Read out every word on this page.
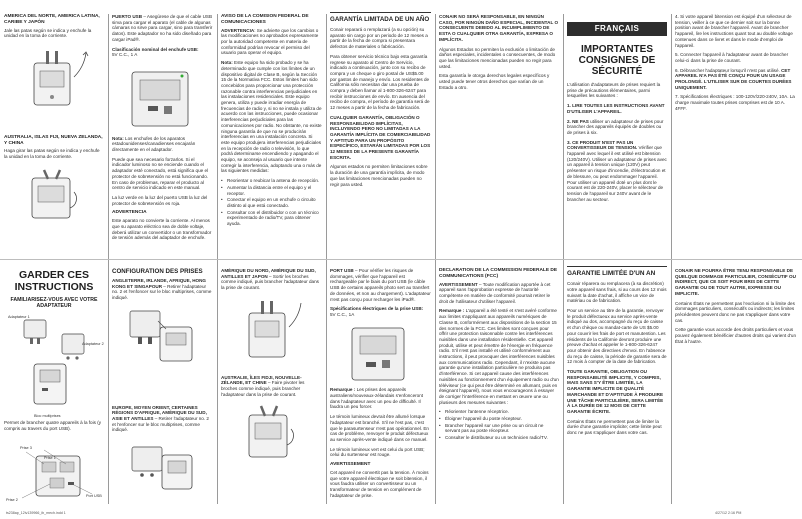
AMÉRICA DEL NORTE, AMÉRICA LATINA, CARIBE Y JAPÓN

Jale las patas según se indica y enchufe la unidad en la toma de corriente.

AUSTRALIA, ISLAS FIJI, NUEVA ZELANDA, Y CHINA

Haga girar las patas según se indica y enchufe la unidad en la toma de corriente.

PUERTO USB – Asegúrese de que el cable USB sirva para cargar el aparato (el cable de algunas cámaras no sirve para cargar, sino para transferir datos). Este adaptador no ha sido diseñado para cargar iPad®.

Clasificación nominal del enchufe USB:
5V C.C., 1 A

Nota: Los enchufes de los aparatos estadounidenses/canadienses encajarán directamente en el adaptador.

Puede que sea necesario forzarlos. Si el indicador luminoso no se enciende cuando el adaptador esté conectado, está significa que el protector de sobretensión no está funcionando. En caso de problemas, reparar el producto al centro de servicio indicado en este manual.

La luz verde en la luz del puerto USB la luz del protector de sobretensión es roja.

ADVERTENCIA

Este aparato no convierte la corriente. Al menos que su aparato eléctrico sea de doble voltaje, deberá utilizar un convertidor o un transformador de tensión además del adaptador de enchufe.

AVISO DE LA COMISIÓN FEDERAL DE COMUNICACIONES

ADVERTENCIA: Se advierte que los cambios o las modificaciones no aprobados expresamente por la autoridad competente en materia de conformidad podrían revocar el permiso del usuario para operar el equipo.

Nota: Este equipo ha sido probado y se ha determinado que cumple con los límites de un dispositivo digital de Clase B, según la Sección 15 de la Normativa FCC. Estos límites han sido concebidos para proporcionar una protección razonable contra interferencias perjudiciales en las instalaciones residenciales. Este equipo genera, utiliza y puede irradiar energía de frecuencias de radio y, si no se instala y utiliza de acuerdo con las instrucciones, puede ocasionar interferencias perjudiciales para las comunicaciones por radio. No obstante, no existe ninguna garantía de que no se producirán interferencias en una instalación concreta. Si este equipo produjera interferencias perjudiciales en la recepción de radio o televisión, lo que podrá determinarse encendiendo y apagando el equipo, se aconseja al usuario que intente corregir la interferencia, adoptando una o más de las siguientes medidas:

• Reorientar o reubicar la antena de recepción.
• Aumentar la distancia entre el equipo y el receptor.
• Conectar el equipo en un enchufe o circuito distinto al que está conectado.
• Consultar con el distribuidor o con un técnico experimentado de radio/TV, para obtener ayuda.
GARANTÍA LIMITADA DE UN AÑO

Conair reparará o remplazará (a su opción) su aparato sin cargo por un periodo de 12 meses a partir de la fecha de compra si presentara defectos de materiales o fabricación.

Para obtener servicio técnico bajo esta garantía regrese su aparato al Centro de Servicio, indicado a continuación, junto con su recibo de compra y un cheque o giro postal de US$5.00 por gastos de manejo y envío. Los residentes de California sólo necesitan dar una prueba de compra y deben llamar al 1-800-326-6247 para recibir instrucciones de envío. En ausencia del recibo de compra, el período de garantía será de 12 meses a partir de la fecha de fabricación.

CUALQUIER GARANTÍA, OBLIGACIÓN O RESPONSABILIDAD IMPLÍCITAS, INCLUYENDO PERO NO LIMITADAS A LA GARANTÍA IMPLÍCITA DE COMERCIABILIDAD Y APTITUD PARA UN PROPÓSITO ESPECÍFICO, ESTARÁN LIMITADAS POR LOS 12 MESES DE LA PRESENTE GARANTÍA ESCRITA.

Algunos estados no permiten limitaciones sobre la duración de una garantía implícita, de modo que las limitaciones mencionadas pueden no regir para usted.

CONAIR NO SERÁ RESPONSABLE, EN NINGÚN CASO, POR NINGÚN DAÑO ESPECIAL, INCIDENTAL O CONSECUENTE DEBIDO AL INCUMPLIMIENTO DE ESTA O CUALQUIER OTRA GARANTÍA, EXPRESA O IMPLÍCITA.

Algunos Estados no permiten la exclusión o limitación de daños especiales, incidentales o consecuentes, de modo que las limitaciones mencionadas pueden no regir para usted.

Esta garantía le otorga derechos legales específicos y usted puede tener otros derechos que varían de un Estado a otro.

FRANÇAIS
IMPORTANTES CONSIGNES DE SÉCURITÉ

L'utilisation d'adaptateurs de prises requiert la prise de précautions élémentaires, parmi lesquelles les suivantes :

1. LIRE TOUTES LES INSTRUCTIONS AVANT D'UTILISER L'APPAREIL.

2. NE PAS utiliser un adaptateur de prises pour brancher des appareils équipés de doubles ou de prises à six.

3. CE PRODUIT N'EST PAS UN CONVERTISSEUR DE TENSION. Vérifier que l'appareil avec lequel il est utilisé est bitension (120/240V). Utiliser un adaptateur de prises avec un appareil à tension unique (120V) peut présenter un risque d'incendie, d'électrocution et de blessure, ou peut endommager l'appareil. Pour utiliser un appareil doté un plus dont le courant est de 220-240V, placer le sélecteur de tension de l'appareil sur 240V avant de le brancher au secteur.

4. Si votre appareil bitension est équipé d'un sélecteur de tension, veiller à ce que ce dernier soit sur la bonne position avant de brancher l'appareil. Avant de brancher l'appareil, lire les instructions quant tout au double voltage contenues dans ce livret et dans le mode d'emploi de l'appareil.

5. Connecter l'appareil à l'adaptateur avant de brancher celui-ci dans la prise de courant.

6. Débrancher l'adaptateur lorsqu'il n'est pas utilisé. CET APPAREIL N'A PAS ÉTÉ CONÇU POUR UN USAGE PROLONGÉ. L'UTILISER SUR DE COURTES DURÉES UNIQUEMENT.

7. Spécifications électriques : 100-120V/220-240V, 10A. La charge maximale toutes prises comprises est de 10 A. 4FFF.

GARDER CES
INSTRUCTIONS
FAMILIARISEZ-VOUS AVEC VOTRE ADAPTATEUR
Adaptateur 1
Adaptateur 2
Bloc multiprises

Permet de brancher quatre appareils à la fois (y compris au travers du port USB).

Prise 3
Prise 1
Prise 2
Port USB
CONFIGURATION DES PRISES

ANGLETERRE, IRLANDE, AFRIQUE, HONG KONG ET SINGAPOUR – Retirer l'adaptateur no. 2 et l'enfoncer sur le bloc multiprises, comme indiqué.

EUROPE, MOYEN ORIENT, CERTAINES RÉGIONS D'AFRIQUE, AMÉRIQUE DU SUD, ASIE ET ANTILLES – Retirer l'adaptateur no. 2 et l'enfoncer sur le bloc multiprises, comme indiqué.

AMÉRIQUE DU NORD, AMÉRIQUE DU SUD, ANTILLES ET JAPON – Sortir les broches comme indiqué, puis brancher l'adaptateur dans la prise de courant.

AUSTRALIE, ÎLES FIDJI, NOUVELLE-ZÉLANDE, ET CHINE – Faire pivoter les broches comme indiqué, puis brancher l'adaptateur dans la prise de courant.

PORT USB – Pour vérifier les risques de dommages, vérifier que l'appareil est rechargeable par le biais du port USB (le câble USB de certains appareils photo sert au transfert de données, et non au chargement). L'adaptateur n'est pas conçu pour recharger les iPad®.

Spécifications électriques de la prise USB:
5V C.C., 1A

Remarque : Les prises des appareils australiens/nouveaux-zélandais s'enfonceront dans l'adaptateur avec un peu de difficulté. Il faudra un peu forcer.

Le témoin lumineux devrait être allumé lorsque l'adaptateur est branché. S'il ne l'est pas, c'est que le parasurtenseur n'est pas opérationnel. En cas de problème, renvoyer le produit défectueux au service après-vente indiqué dans ce manuel.

Le témoin lumineux vert est celui du port USB; celui du surtenseur est rouge.

AVERTISSEMENT

Cet appareil ne convertit pas la tension. À moins que votre appareil électrique ne soit bitension, il vous faudra utiliser un convertisseur ou un transformateur de tension en complément de l'adaptateur de prise.

DÉCLARATION DE LA COMMISSION FÉDÉRALE DE COMMUNICATIONS (FCC)

AVERTISSEMENT – Toute modification apportée à cet appareil sans l'approbation expresse de l'autorité compétente en matière de conformité pourrait retirer le droit de l'utilisateur d'utiliser l'appareil.

Remarque : L'appareil a été testé et s'est avéré conforme aux limites s'appliquant aux appareils numériques de Classe B, conformément aux dispositions de la section 15 des normes de la FCC. Ces limites sont conçues pour offrir une protection raisonnable contre les interférences nuisibles dans une installation résidentielle. Cet appareil produit, utilise et peut émettre de l'énergie en fréquence radio. S'il n'est pas installé et utilisé conformément aux instructions, il peut provoquer des interférences nuisibles aux communications radio. Cependant, il n'existe aucune garantie qu'une installation particulière ne produira pas d'interférence. Si cet appareil cause des interférences nuisibles au fonctionnement d'un équipement radio ou d'un téléviseur (ce qui peut être déterminé en allumant, puis en éteignant l'appareil), nous vous encourageons à essayer de corriger l'interférence en mettant en œuvre une ou plusieurs des mesures suivantes :

• Réorienter l'antenne réceptrice.
• Éloigner l'appareil du poste récepteur.
• Brancher l'appareil sur une prise ou un circuit ne servant pas au poste récepteur.
• Consulter le distributeur ou un technicien radio/TV.
GARANTIE LIMITÉE D'UN AN

Conair réparera ou remplacera (à sa discrétion) votre appareil sans frais, si au cours des 12 mois suivant la date d'achat, il affiche un vice de matériau ou de fabrication.

Pour un service au titre de la garantie, renvoyer le produit défectueux au service après-vente indiqué au dos, accompagné du reçu de caisse et d'un chèque ou mandat-carte de US $5.00 pour couvrir les frais de port et manutention. Les résidents de la Californie devront produire une preuve d'achat et appeler le 1-800-326-6247 pour obtenir des directives d'envoi. En l'absence du reçu de caisse, la période de garantie sera de 12 mois à compter de la date de fabrication.

TOUTE GARANTIE, OBLIGATION OU RESPONSABILITÉ IMPLICITE, Y COMPRIS, MAIS SANS S'Y ÊTRE LIMITÉE, LA GARANTIE IMPLICITE DE QUALITÉ MARCHANDE ET D'APTITUDE À PRODUIRE UNE TÂCHE PARTICULIÈRE, SERA LIMITÉE À LA DURÉE DE 12 MOIS DE CETTE GARANTIE ÉCRITE.

Certains États ne permettent pas de limiter la durée d'une garantie implicite; cette limite peut donc ne pas s'appliquer dans votre cas.

CONAIR NE POURRA ÊTRE TENU RESPONSABLE DE QUELQUE DOMMAGE PARTICULIER, CONSÉCUTIF OU INDIRECT, QUE CE SOIT POUR BRIS DE CETTE GARANTIE OU DE TOUT AUTRE, EXPRESSE OU IMPLICITE.

Certains États ne permettent pas l'exclusion ni la limite des dommages particuliers, consécutifs ou indirects; les limites précédentes peuvent donc ne pas s'appliquer dans votre cas.

Cette garantie vous accorde des droits particuliers et vous pouvez également bénéficier d'autres droits qui varient d'un État à l'autre.

ts238ap_12iv139966_ib_mech.indd 1	4/27/12 2:16 PM
